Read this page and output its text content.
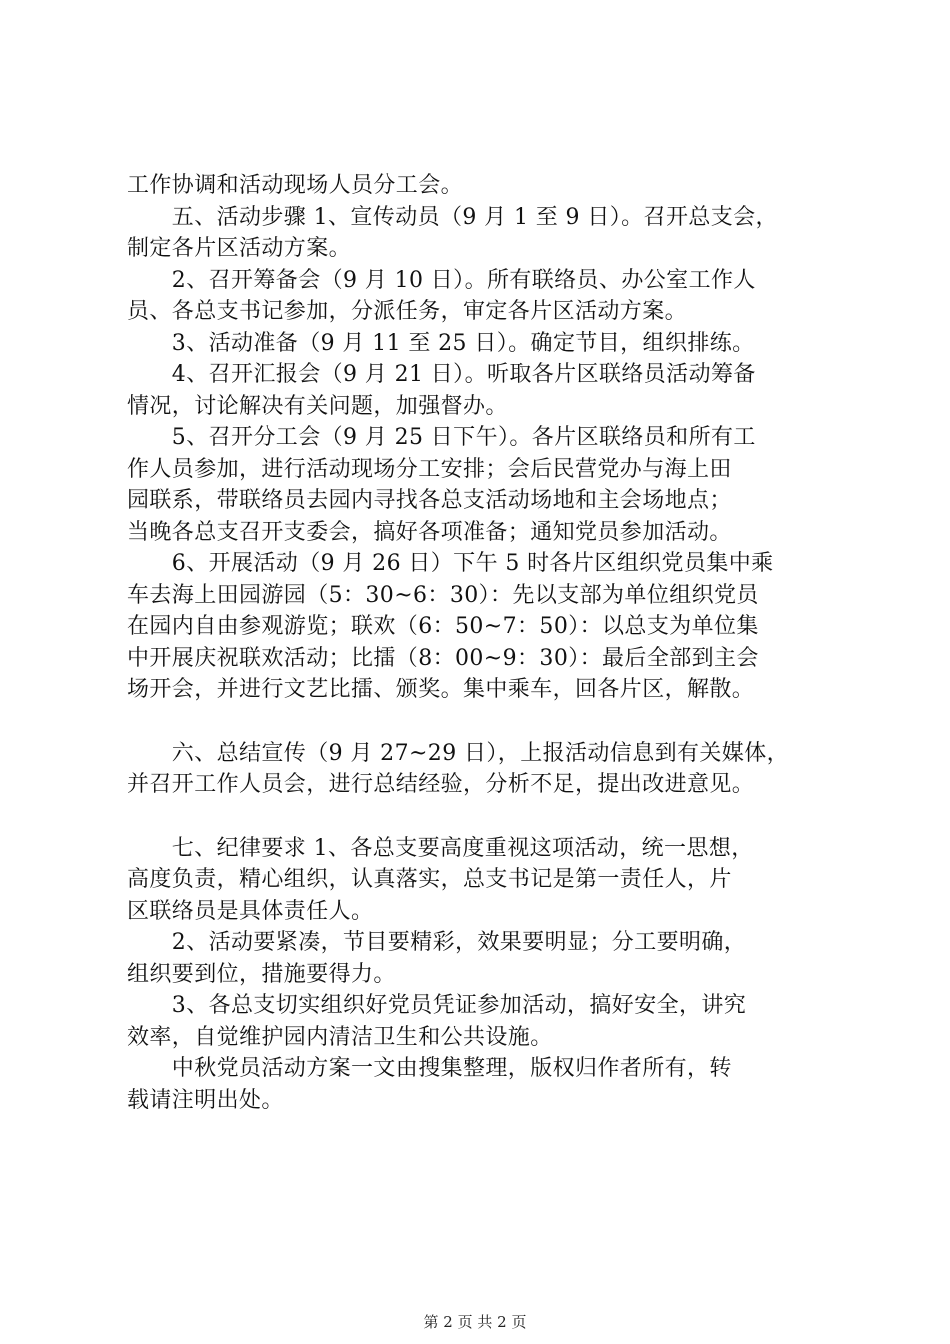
工作协调和活动现场人员分工会。
　　五、活动步骤 1、宣传动员（9 月 1 至 9 日）。召开总支会，
制定各片区活动方案。
　　2、召开筹备会（9 月 10 日）。所有联络员、办公室工作人
员、各总支书记参加，分派任务，审定各片区活动方案。
　　3、活动准备（9 月 11 至 25 日）。确定节目，组织排练。
　　4、召开汇报会（9 月 21 日）。听取各片区联络员活动筹备
情况，讨论解决有关问题，加强督办。
　　5、召开分工会（9 月 25 日下午）。各片区联络员和所有工
作人员参加，进行活动现场分工安排；会后民营党办与海上田
园联系，带联络员去园内寻找各总支活动场地和主会场地点；
当晚各总支召开支委会，搞好各项准备；通知党员参加活动。
　　6、开展活动（9 月 26 日）下午 5 时各片区组织党员集中乘
车去海上田园游园（5：30~6：30）：先以支部为单位组织党员
在园内自由参观游览；联欢（6：50~7：50）：以总支为单位集
中开展庆祝联欢活动；比擂（8：00~9：30）：最后全部到主会
场开会，并进行文艺比擂、颁奖。集中乘车，回各片区，解散。
　　六、总结宣传（9 月 27~29 日），上报活动信息到有关媒体，
并召开工作人员会，进行总结经验，分析不足，提出改进意见。
　　七、纪律要求 1、各总支要高度重视这项活动，统一思想，
高度负责，精心组织，认真落实，总支书记是第一责任人，片
区联络员是具体责任人。
　　2、活动要紧凑，节目要精彩，效果要明显；分工要明确，
组织要到位，措施要得力。
　　3、各总支切实组织好党员凭证参加活动，搞好安全，讲究
效率，自觉维护园内清洁卫生和公共设施。
　　中秋党员活动方案一文由搜集整理，版权归作者所有，转
载请注明出处。
第 2 页 共 2 页
